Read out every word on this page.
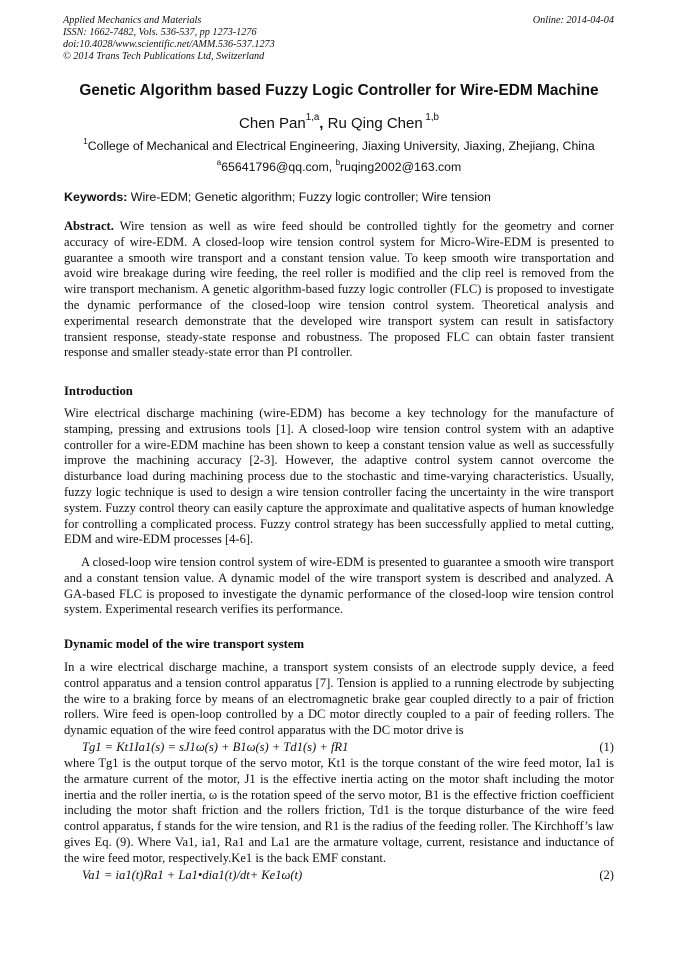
Applied Mechanics and Materials
ISSN: 1662-7482, Vols. 536-537, pp 1273-1276
doi:10.4028/www.scientific.net/AMM.536-537.1273
© 2014 Trans Tech Publications Ltd, Switzerland
Online: 2014-04-04
Genetic Algorithm based Fuzzy Logic Controller for Wire-EDM Machine
Chen Pan$^{1,a}$, Ru Qing Chen $^{1,b}$
$^1$College of Mechanical and Electrical Engineering, Jiaxing University, Jiaxing, Zhejiang, China
$^a$65641796@qq.com, $^b$ruqing2002@163.com
Keywords: Wire-EDM; Genetic algorithm; Fuzzy logic controller; Wire tension
Abstract. Wire tension as well as wire feed should be controlled tightly for the geometry and corner accuracy of wire-EDM. A closed-loop wire tension control system for Micro-Wire-EDM is presented to guarantee a smooth wire transport and a constant tension value. To keep smooth wire transportation and avoid wire breakage during wire feeding, the reel roller is modified and the clip reel is removed from the wire transport mechanism. A genetic algorithm-based fuzzy logic controller (FLC) is proposed to investigate the dynamic performance of the closed-loop wire tension control system. Theoretical analysis and experimental research demonstrate that the developed wire transport system can result in satisfactory transient response, steady-state response and robustness. The proposed FLC can obtain faster transient response and smaller steady-state error than PI controller.
Introduction
Wire electrical discharge machining (wire-EDM) has become a key technology for the manufacture of stamping, pressing and extrusions tools [1]. A closed-loop wire tension control system with an adaptive controller for a wire-EDM machine has been shown to keep a constant tension value as well as successfully improve the machining accuracy [2-3]. However, the adaptive control system cannot overcome the disturbance load during machining process due to the stochastic and time-varying characteristics. Usually, fuzzy logic technique is used to design a wire tension controller facing the uncertainty in the wire transport system. Fuzzy control theory can easily capture the approximate and qualitative aspects of human knowledge for controlling a complicated process. Fuzzy control strategy has been successfully applied to metal cutting, EDM and wire-EDM processes [4-6].
A closed-loop wire tension control system of wire-EDM is presented to guarantee a smooth wire transport and a constant tension value. A dynamic model of the wire transport system is described and analyzed. A GA-based FLC is proposed to investigate the dynamic performance of the closed-loop wire tension control system. Experimental research verifies its performance.
Dynamic model of the wire transport system
In a wire electrical discharge machine, a transport system consists of an electrode supply device, a feed control apparatus and a tension control apparatus [7]. Tension is applied to a running electrode by subjecting the wire to a braking force by means of an electromagnetic brake gear coupled directly to a pair of friction rollers. Wire feed is open-loop controlled by a DC motor directly coupled to a pair of feeding rollers. The dynamic equation of the wire feed control apparatus with the DC motor drive is
Tg1 = Kt1Ia1(s) = sJ1ω(s) + B1ω(s) + Td1(s) + fR1	(1)
where Tg1 is the output torque of the servo motor, Kt1 is the torque constant of the wire feed motor, Ia1 is the armature current of the motor, J1 is the effective inertia acting on the motor shaft including the motor inertia and the roller inertia, ω is the rotation speed of the servo motor, B1 is the effective friction coefficient including the motor shaft friction and the rollers friction, Td1 is the torque disturbance of the wire feed control apparatus, f stands for the wire tension, and R1 is the radius of the feeding roller. The Kirchhoff’s law gives Eq. (9). Where Va1, ia1, Ra1 and La1 are the armature voltage, current, resistance and inductance of the wire feed motor, respectively.Ke1 is the back EMF constant.
Va1 = ia1(t)Ra1 + La1•dia1(t)/dt+ Ke1ω(t)	(2)
